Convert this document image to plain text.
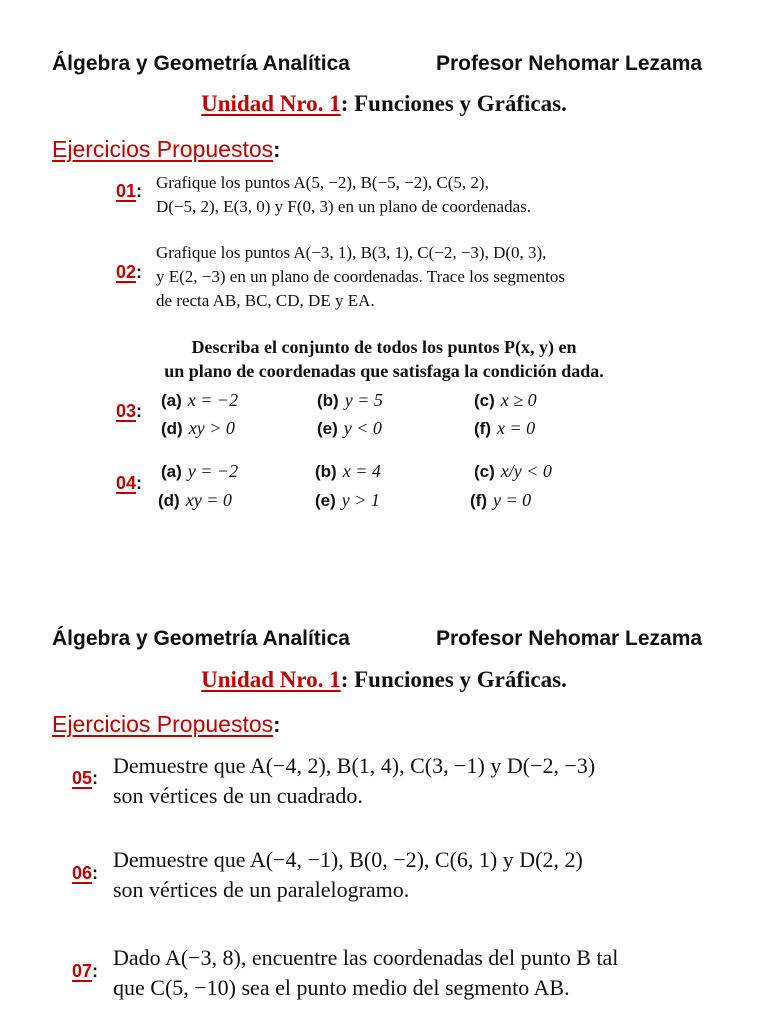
Álgebra y Geometría Analítica	Profesor Nehomar Lezama
Unidad Nro. 1: Funciones y Gráficas.
Ejercicios Propuestos:
01: Grafique los puntos A(5, −2), B(−5, −2), C(5, 2),
D(−5, 2), E(3, 0) y F(0, 3) en un plano de coordenadas.
02:
Grafique los puntos A(−3, 1), B(3, 1), C(−2, −3), D(0, 3),
y E(2, −3) en un plano de coordenadas. Trace los segmentos
de recta AB, BC, CD, DE y EA.
Describa el conjunto de todos los puntos P(x, y) en
un plano de coordenadas que satisfaga la condición dada.
03:
(a) x = −2	(b) y = 5	(c) x ≥ 0
(d) xy > 0	(e) y < 0	(f) x = 0
04:
(a) y = −2	(b) x = 4	(c) x/y < 0
(d) xy = 0	(e) y > 1	(f) y = 0
Álgebra y Geometría Analítica	Profesor Nehomar Lezama
Unidad Nro. 1: Funciones y Gráficas.
Ejercicios Propuestos:
05: Demuestre que A(−4, 2), B(1, 4), C(3, −1) y D(−2, −3)
son vértices de un cuadrado.
06:
Demuestre que A(−4, −1), B(0, −2), C(6, 1) y D(2, 2)
son vértices de un paralelogramo.
07:
Dado A(−3, 8), encuentre las coordenadas del punto B tal
que C(5, −10) sea el punto medio del segmento AB.
